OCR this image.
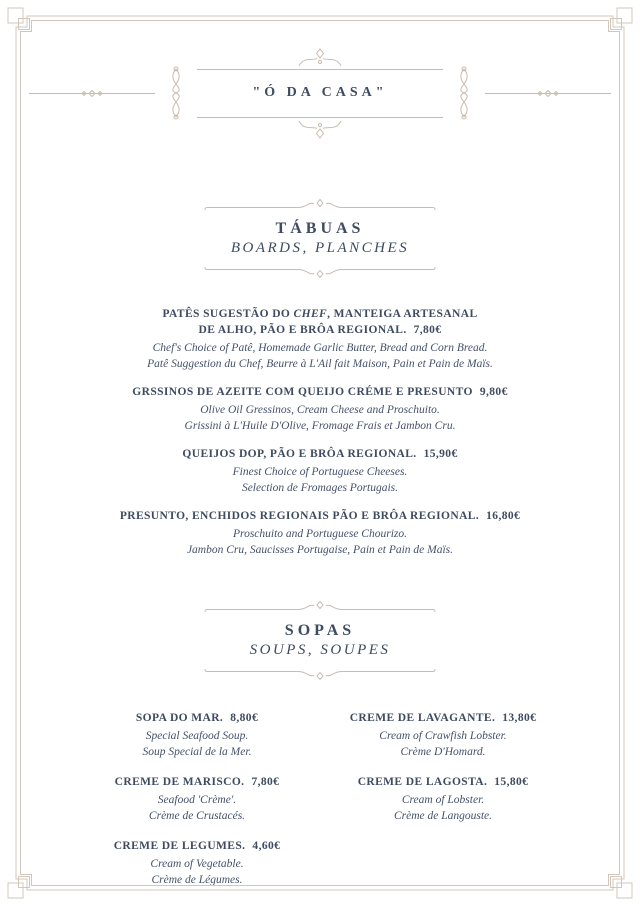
"Ó DA CASA"
TÁBUAS
BOARDS, PLANCHES
PATÊS SUGESTÃO DO CHEF, MANTEIGA ARTESANAL
DE ALHO, PÃO E BRÔA REGIONAL. 7,80€
Chef's Choice of Patê, Homemade Garlic Butter, Bread and Corn Bread.
Patê Suggestion du Chef, Beurre à L'Ail fait Maison, Pain et Pain de Maïs.
GRSSINOS DE AZEITE COM QUEIJO CRÉME E PRESUNTO 9,80€
Olive Oil Gressinos, Cream Cheese and Proschuito.
Grissini à L'Huile D'Olive, Fromage Frais et Jambon Cru.
QUEIJOS DOP, PÃO E BRÔA REGIONAL. 15,90€
Finest Choice of Portuguese Cheeses.
Selection de Fromages Portugais.
PRESUNTO, ENCHIDOS REGIONAIS PÃO E BRÔA REGIONAL. 16,80€
Proschuito and Portuguese Chourizo.
Jambon Cru, Saucisses Portugaise, Pain et Pain de Maïs.
SOPAS
SOUPS, SOUPES
SOPA DO MAR. 8,80€
Special Seafood Soup.
Soup Special de la Mer.
CREME DE MARISCO. 7,80€
Seafood 'Crème'.
Crème de Crustacés.
CREME DE LEGUMES. 4,60€
Cream of Vegetable.
Crème de Légumes.
CREME DE LAVAGANTE. 13,80€
Cream of Crawfish Lobster.
Crème D'Homard.
CREME DE LAGOSTA. 15,80€
Cream of Lobster.
Crème de Langouste.
